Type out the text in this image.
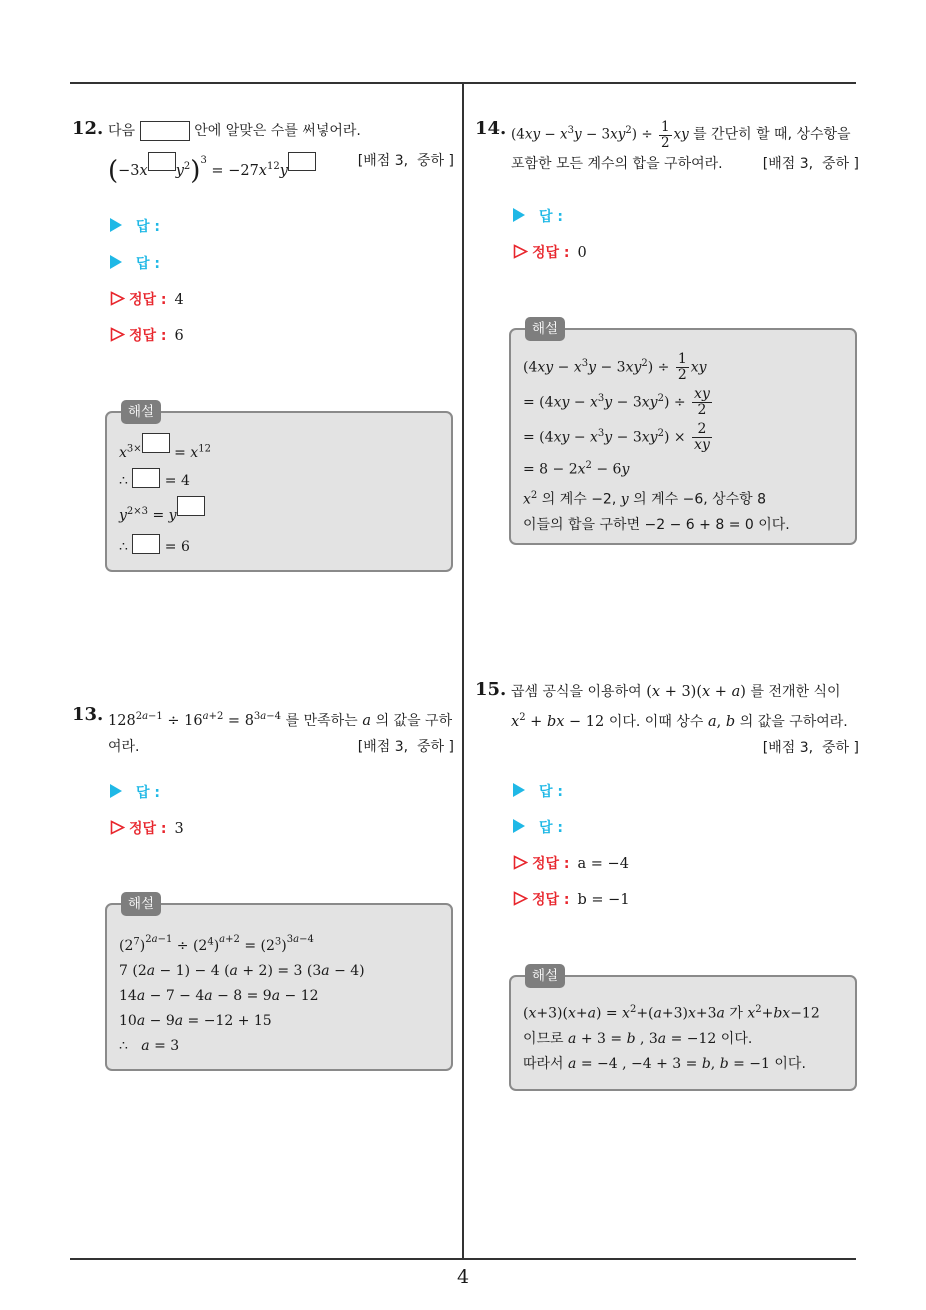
4
12. 다음	안에 알맞은 수를 써넣어라.
(−3x $y^2)^3 = -27x^{12}y$
[배점 3, 중하 ]
답 :
답 :
정답 : 4
정답 : 6
해설
$x^{3\times} = x^{12}$
∴  = 4
$y^{2\times 3} = y$
∴  = 6
13. $128^{2a-1} \div 16^{a+2} = 8^{3a-4}$ 를 만족하는 a 의 값을 구하
여라.	[배점 3, 중하 ]
답 :
정답 : 3
해설
$(2^7)^{2a-1} \div (2^4)^{a+2} = (2^3)^{3a-4}$
7 (2a − 1) − 4 (a + 2) = 3 (3a − 4)
14a − 7 − 4a − 8 = 9a − 12
10a − 9a = −12 + 15
∴   a = 3
14. $(4xy - x^3y - 3xy^2) \div \frac{1}{2}$ xy 를 간단히 할 때, 상수항을
포함한 모든 계수의 합을 구하여라.	[배점 3, 중하 ]
답 :
정답 : 0
해설
$(4xy - x^3y - 3xy^2) \div \frac{1}{2}$ xy
= $(4xy - x^3y - 3xy^2) \div \frac{xy}{2}$
= $(4xy - x^3y - 3xy^2) \times \frac{2}{xy}$
= $8 - 2x^2 - 6y$
$x^2$ 의 계수 −2, y 의 계수 −6, 상수항 8
이들의 합을 구하면 −2 − 6 + 8 = 0 이다.
15. 곱셈 공식을 이용하여 (x + 3)(x + a) 를 전개한 식이
$x^2$ + bx − 12 이다. 이때 상수 a, b 의 값을 구하여라.
[배점 3, 중하 ]
답 :
답 :
정답 : a = −4
정답 : b = −1
해설
$(x+3)(x+a) = x^2+(a+3)x+3a$ 가 $x^2+bx-12$
이므로 a + 3 = b , 3a = −12 이다.
따라서 a = −4 , −4 + 3 = b, b = −1 이다.
